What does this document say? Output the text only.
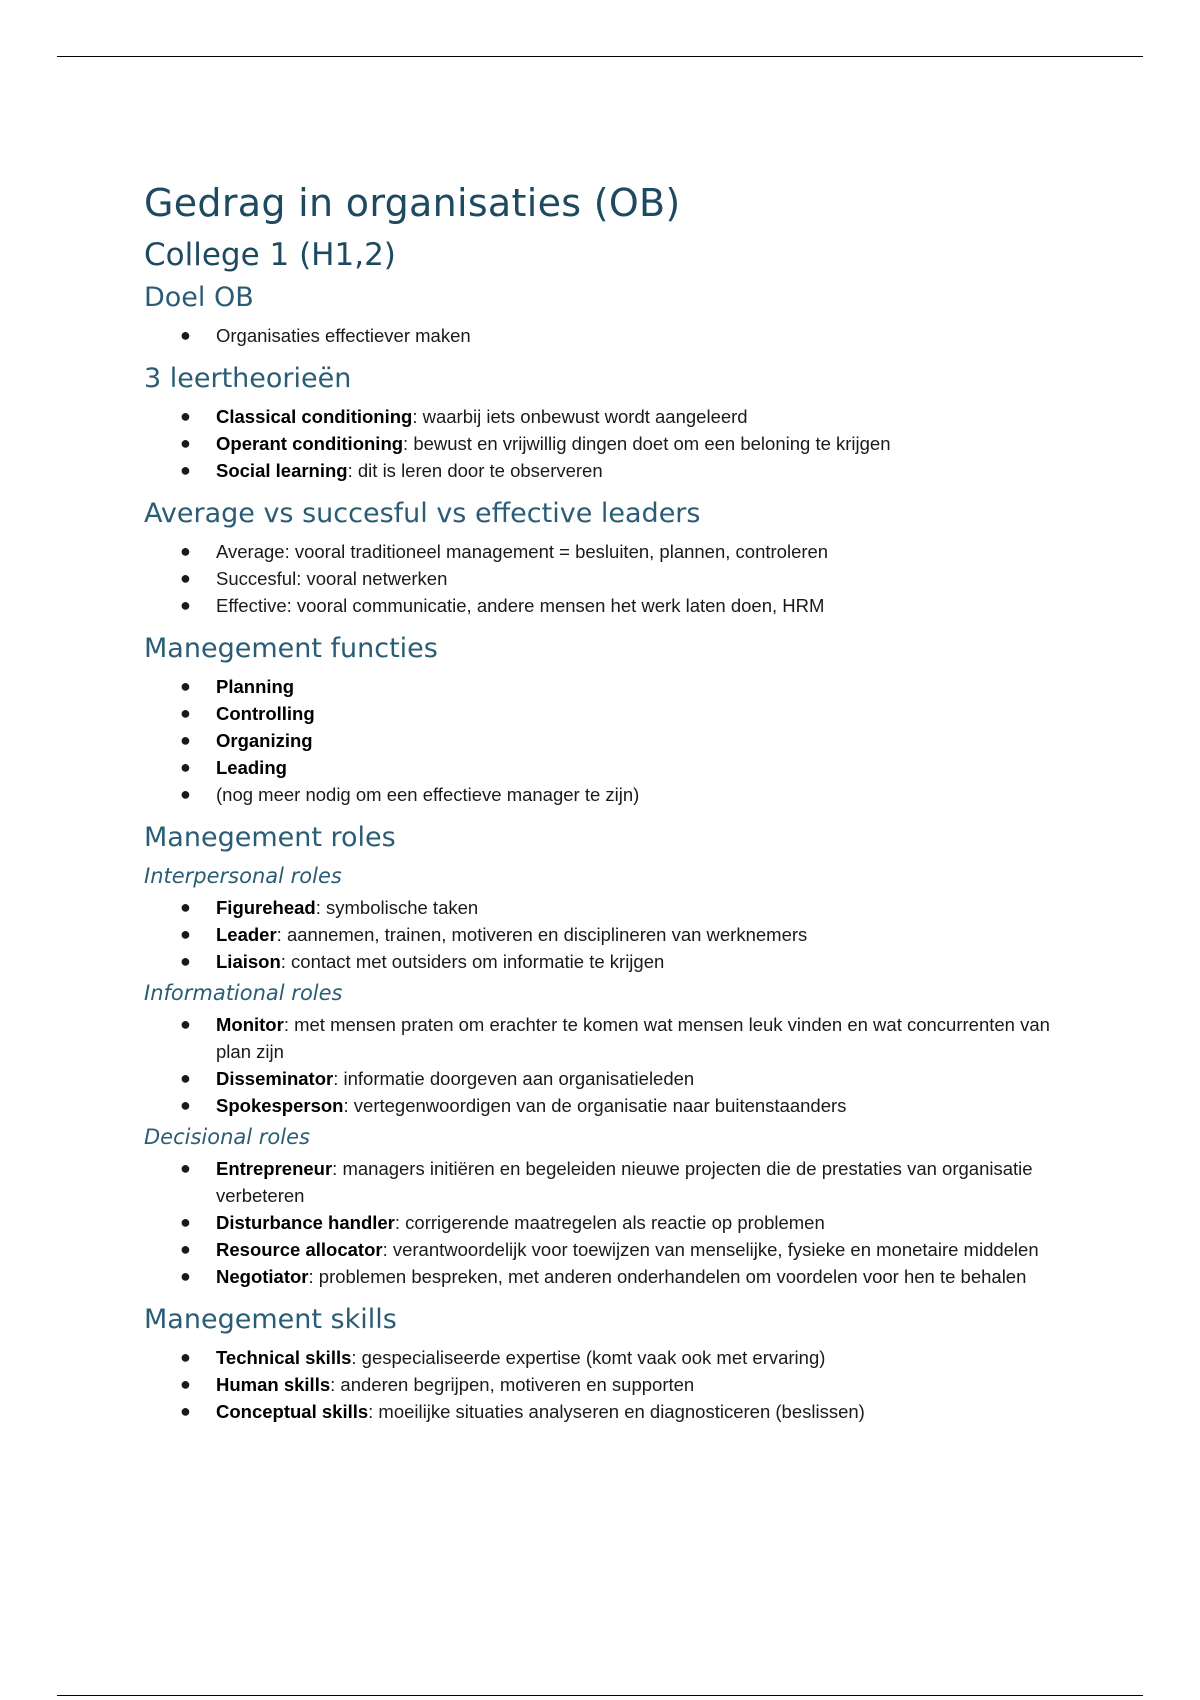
Gedrag in organisaties (OB)
College 1 (H1,2)
Doel OB
● Organisaties effectiever maken
3 leertheorieën
● Classical conditioning: waarbij iets onbewust wordt aangeleerd
● Operant conditioning: bewust en vrijwillig dingen doet om een beloning te krijgen
● Social learning: dit is leren door te observeren
Average vs succesful vs effective leaders
● Average: vooral traditioneel management = besluiten, plannen, controleren
● Succesful: vooral netwerken
● Effective: vooral communicatie, andere mensen het werk laten doen, HRM
Manegement functies
● Planning
● Controlling
● Organizing
● Leading
● (nog meer nodig om een effectieve manager te zijn)
Manegement roles
Interpersonal roles
● Figurehead: symbolische taken
● Leader: aannemen, trainen, motiveren en disciplineren van werknemers
● Liaison: contact met outsiders om informatie te krijgen
Informational roles
● Monitor: met mensen praten om erachter te komen wat mensen leuk vinden en wat concurrenten van plan zijn
● Disseminator: informatie doorgeven aan organisatieleden
● Spokesperson: vertegenwoordigen van de organisatie naar buitenstaanders
Decisional roles
● Entrepreneur: managers initiëren en begeleiden nieuwe projecten die de prestaties van organisatie verbeteren
● Disturbance handler: corrigerende maatregelen als reactie op problemen
● Resource allocator: verantwoordelijk voor toewijzen van menselijke, fysieke en monetaire middelen
● Negotiator: problemen bespreken, met anderen onderhandelen om voordelen voor hen te behalen
Manegement skills
● Technical skills: gespecialiseerde expertise (komt vaak ook met ervaring)
● Human skills: anderen begrijpen, motiveren en supporten
● Conceptual skills: moeilijke situaties analyseren en diagnosticeren (beslissen)
